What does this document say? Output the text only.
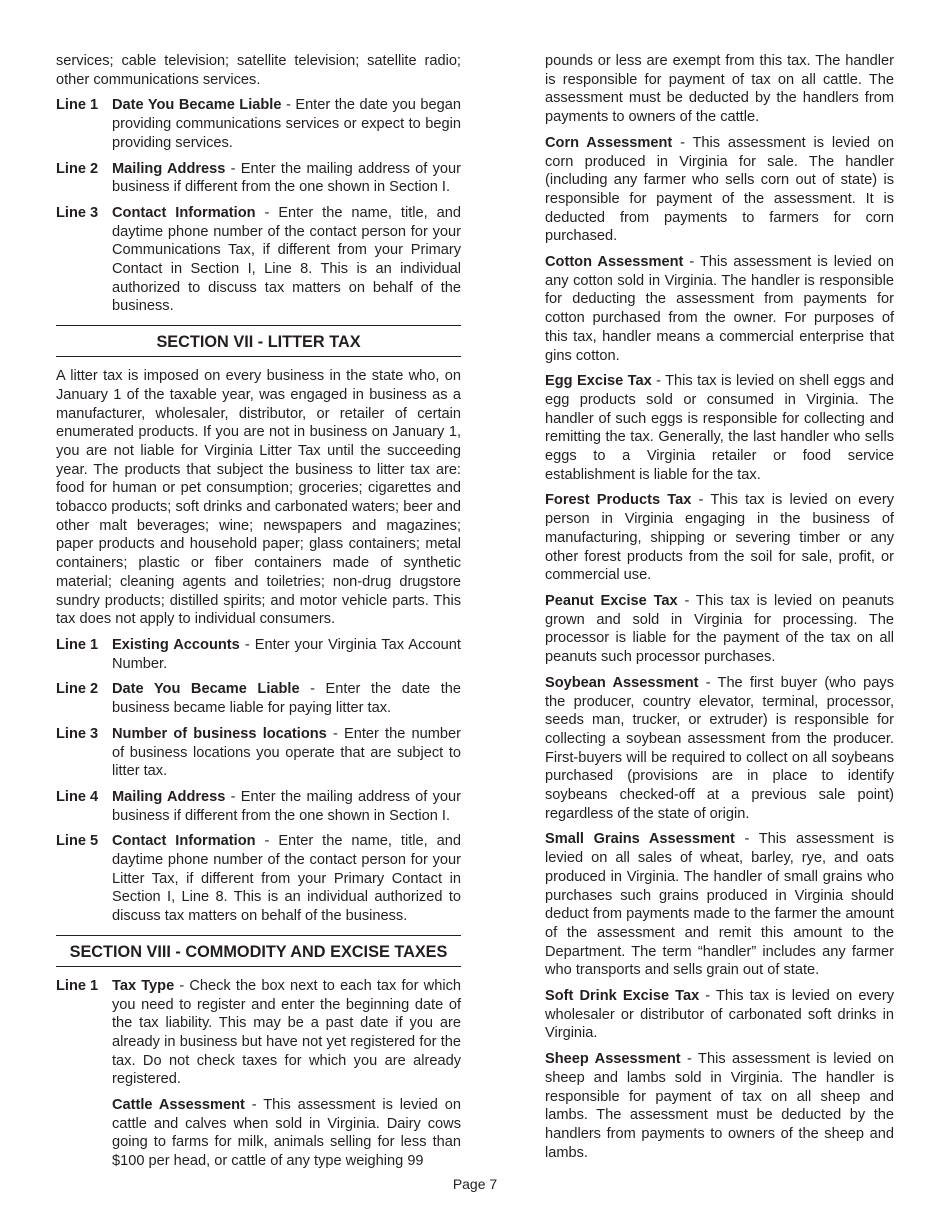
services; cable television; satellite television; satellite radio; other communications services.

Line 1 Date You Became Liable - Enter the date you began providing communications services or expect to begin providing services.
Line 2 Mailing Address - Enter the mailing address of your business if different from the one shown in Section I.
Line 3 Contact Information - Enter the name, title, and daytime phone number of the contact person for your Communications Tax, if different from your Primary Contact in Section I, Line 8. This is an individual authorized to discuss tax matters on behalf of the business.
SECTION VII - LITTER TAX

A litter tax is imposed on every business in the state who, on January 1 of the taxable year, was engaged in business as a manufacturer, wholesaler, distributor, or retailer of certain enumerated products. If you are not in business on January 1, you are not liable for Virginia Litter Tax until the succeeding year. The products that subject the business to litter tax are: food for human or pet consumption; groceries; cigarettes and tobacco products; soft drinks and carbonated waters; beer and other malt beverages; wine; newspapers and magazines; paper products and household paper; glass containers; metal containers; plastic or fiber containers made of synthetic material; cleaning agents and toiletries; non-drug drugstore sundry products; distilled spirits; and motor vehicle parts. This tax does not apply to individual consumers.

Line 1 Existing Accounts - Enter your Virginia Tax Account Number.
Line 2 Date You Became Liable - Enter the date the business became liable for paying litter tax.
Line 3 Number of business locations - Enter the number of business locations you operate that are subject to litter tax.
Line 4 Mailing Address - Enter the mailing address of your business if different from the one shown in Section I.
Line 5 Contact Information - Enter the name, title, and daytime phone number of the contact person for your Litter Tax, if different from your Primary Contact in Section I, Line 8. This is an individual authorized to discuss tax matters on behalf of the business.
SECTION VIII - COMMODITY AND EXCISE TAXES
Line 1 Tax Type - Check the box next to each tax for which you need to register and enter the beginning date of the tax liability. This may be a past date if you are already in business but have not yet registered for the tax. Do not check taxes for which you are already registered.

Cattle Assessment - This assessment is levied on cattle and calves when sold in Virginia. Dairy cows going to farms for milk, animals selling for less than $100 per head, or cattle of any type weighing 99

pounds or less are exempt from this tax. The handler is responsible for payment of tax on all cattle. The assessment must be deducted by the handlers from payments to owners of the cattle.

Corn Assessment - This assessment is levied on corn produced in Virginia for sale. The handler (including any farmer who sells corn out of state) is responsible for payment of the assessment. It is deducted from payments to farmers for corn purchased.

Cotton Assessment - This assessment is levied on any cotton sold in Virginia. The handler is responsible for deducting the assessment from payments for cotton purchased from the owner. For purposes of this tax, handler means a commercial enterprise that gins cotton.

Egg Excise Tax - This tax is levied on shell eggs and egg products sold or consumed in Virginia. The handler of such eggs is responsible for collecting and remitting the tax. Generally, the last handler who sells eggs to a Virginia retailer or food service establishment is liable for the tax.

Forest Products Tax - This tax is levied on every person in Virginia engaging in the business of manufacturing, shipping or severing timber or any other forest products from the soil for sale, profit, or commercial use.

Peanut Excise Tax - This tax is levied on peanuts grown and sold in Virginia for processing. The processor is liable for the payment of the tax on all peanuts such processor purchases.

Soybean Assessment - The first buyer (who pays the producer, country elevator, terminal, processor, seeds man, trucker, or extruder) is responsible for collecting a soybean assessment from the producer. First-buyers will be required to collect on all soybeans purchased (provisions are in place to identify soybeans checked-off at a previous sale point) regardless of the state of origin.

Small Grains Assessment - This assessment is levied on all sales of wheat, barley, rye, and oats produced in Virginia. The handler of small grains who purchases such grains produced in Virginia should deduct from payments made to the farmer the amount of the assessment and remit this amount to the Department. The term “handler” includes any farmer who transports and sells grain out of state.

Soft Drink Excise Tax - This tax is levied on every wholesaler or distributor of carbonated soft drinks in Virginia.

Sheep Assessment - This assessment is levied on sheep and lambs sold in Virginia. The handler is responsible for payment of tax on all sheep and lambs. The assessment must be deducted by the handlers from payments to owners of the sheep and lambs.

Page 7
